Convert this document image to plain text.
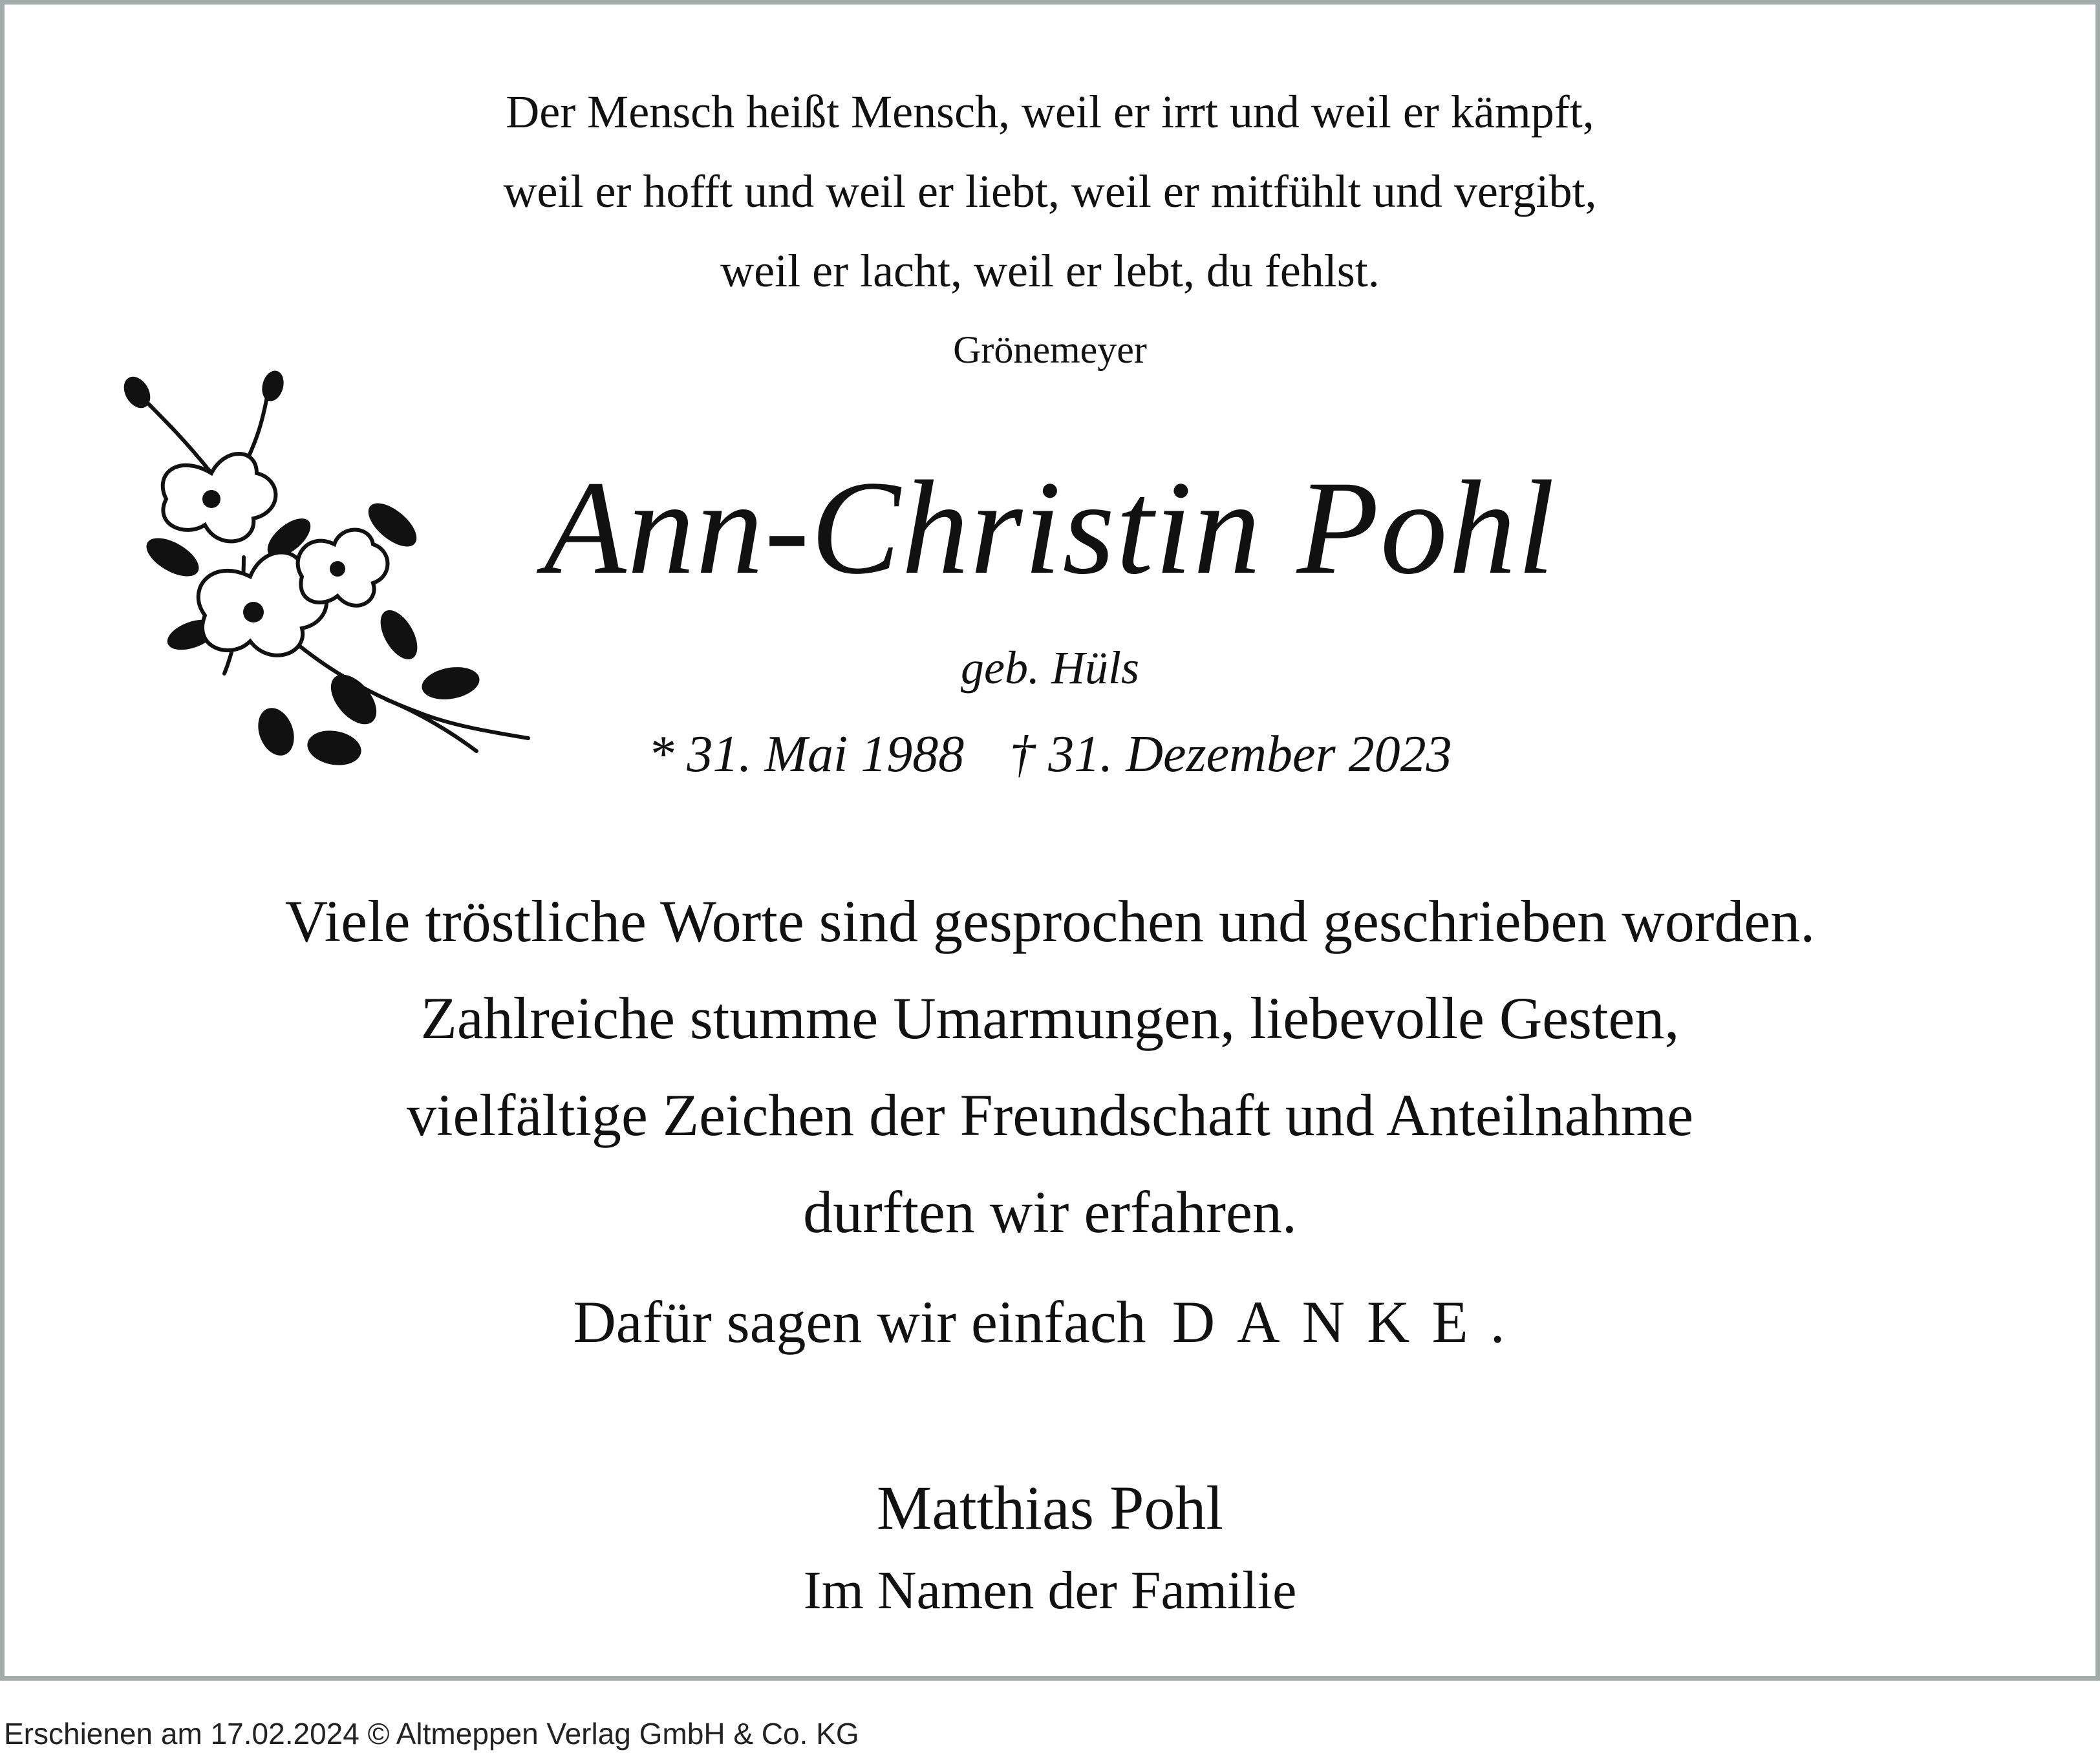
Der Mensch heißt Mensch, weil er irrt und weil er kämpft,
weil er hofft und weil er liebt, weil er mitfühlt und vergibt,
weil er lacht, weil er lebt, du fehlst.
Grönemeyer
Ann-Christin Pohl
geb. Hüls
* 31. Mai 1988 † 31. Dezember 2023
Viele tröstliche Worte sind gesprochen und geschrieben worden.
Zahlreiche stumme Umarmungen, liebevolle Gesten,
vielfältige Zeichen der Freundschaft und Anteilnahme
durften wir erfahren.
Dafür sagen wir einfach DANKE.
Matthias Pohl
Im Namen der Familie
Erschienen am 17.02.2024 © Altmeppen Verlag GmbH & Co. KG
